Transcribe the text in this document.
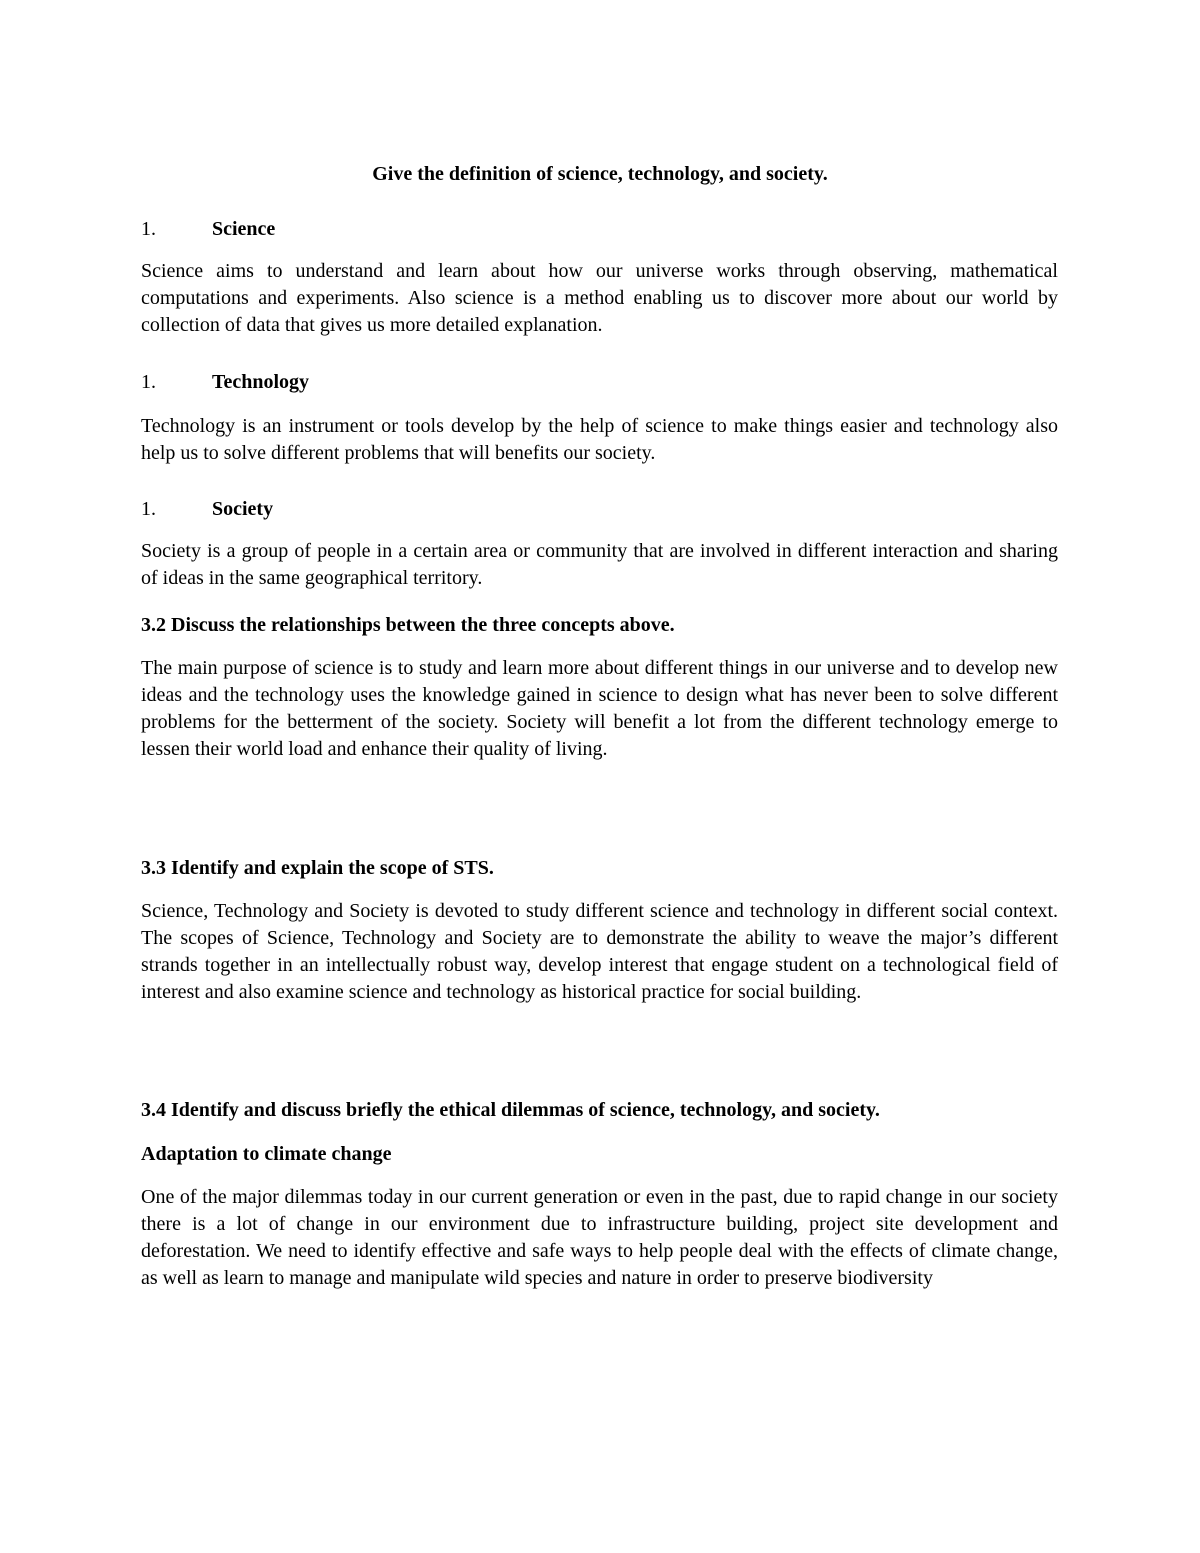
Give the definition of science, technology, and society.
1.	Science
Science aims to understand and learn about how our universe works through observing, mathematical computations and experiments. Also science is a method enabling us to discover more about our world by collection of data that gives us more detailed explanation.
1.	Technology
Technology is an instrument or tools develop by the help of science to make things easier and technology also help us to solve different problems that will benefits our society.
1.	Society
Society is a group of people in a certain area or community that are involved in different interaction and sharing of ideas in the same geographical territory.
3.2 Discuss the relationships between the three concepts above.
The main purpose of science is to study and learn more about different things in our universe and to develop new ideas and the technology uses the knowledge gained in science to design what has never been to solve different problems for the betterment of the society. Society will benefit a lot from the different technology emerge to lessen their world load and enhance their quality of living.
3.3 Identify and explain the scope of STS.
Science, Technology and Society is devoted to study different science and technology in different social context. The scopes of Science, Technology and Society are to demonstrate the ability to weave the major’s different strands together in an intellectually robust way, develop interest that engage student on a technological field of interest and also examine science and technology as historical practice for social building.
3.4 Identify and discuss briefly the ethical dilemmas of science, technology, and society.
Adaptation to climate change
One of the major dilemmas today in our current generation or even in the past, due to rapid change in our society there is a lot of change in our environment due to infrastructure building, project site development and deforestation. We need to identify effective and safe ways to help people deal with the effects of climate change, as well as learn to manage and manipulate wild species and nature in order to preserve biodiversity
